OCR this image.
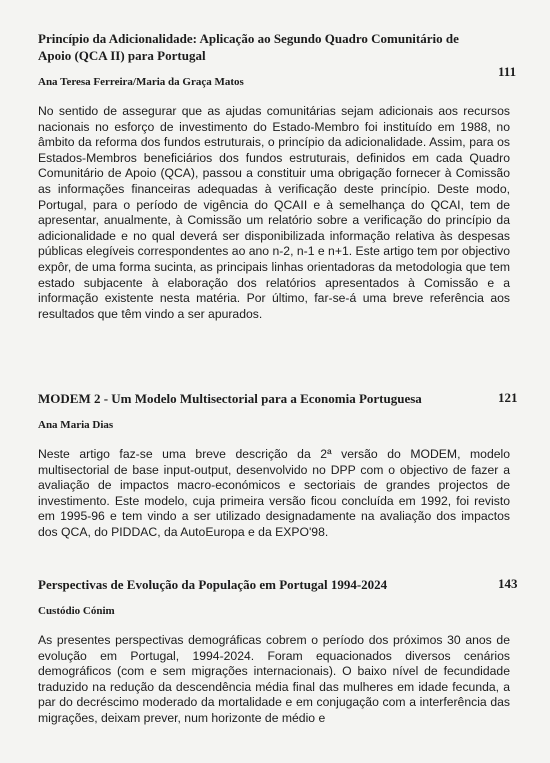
Princípio da Adicionalidade: Aplicação ao Segundo Quadro Comunitário de Apoio (QCA II) para Portugal
Ana Teresa Ferreira/Maria da Graça Matos
No sentido de assegurar que as ajudas comunitárias sejam adicionais aos recursos nacionais no esforço de investimento do Estado-Membro foi instituído em 1988, no âmbito da reforma dos fundos estruturais, o princípio da adicionalidade. Assim, para os Estados-Membros beneficiários dos fundos estruturais, definidos em cada Quadro Comunitário de Apoio (QCA), passou a constituir uma obrigação fornecer à Comissão as informações financeiras adequadas à verificação deste princípio. Deste modo, Portugal, para o período de vigência do QCAII e à semelhança do QCAI, tem de apresentar, anualmente, à Comissão um relatório sobre a verificação do princípio da adicionalidade e no qual deverá ser disponibilizada informação relativa às despesas públicas elegíveis correspondentes ao ano n-2, n-1 e n+1. Este artigo tem por objectivo expôr, de uma forma sucinta, as principais linhas orientadoras da metodologia que tem estado subjacente à elaboração dos relatórios apresentados à Comissão e a informação existente nesta matéria. Por último, far-se-á uma breve referência aos resultados que têm vindo a ser apurados.
111
MODEM 2 - Um Modelo Multisectorial para a Economia Portuguesa
Ana Maria Dias
Neste artigo faz-se uma breve descrição da 2ª versão do MODEM, modelo multisectorial de base input-output, desenvolvido no DPP com o objectivo de fazer a avaliação de impactos macro-económicos e sectoriais de grandes projectos de investimento. Este modelo, cuja primeira versão ficou concluída em 1992, foi revisto em 1995-96 e tem vindo a ser utilizado designadamente na avaliação dos impactos dos QCA, do PIDDAC, da AutoEuropa e da EXPO'98.
121
Perspectivas de Evolução da População em Portugal 1994-2024
Custódio Cónim
As presentes perspectivas demográficas cobrem o período dos próximos 30 anos de evolução em Portugal, 1994-2024. Foram equacionados diversos cenários demográficos (com e sem migrações internacionais). O baixo nível de fecundidade traduzido na redução da descendência média final das mulheres em idade fecunda, a par do decréscimo moderado da mortalidade e em conjugação com a interferência das migrações, deixam prever, num horizonte de médio e
143
